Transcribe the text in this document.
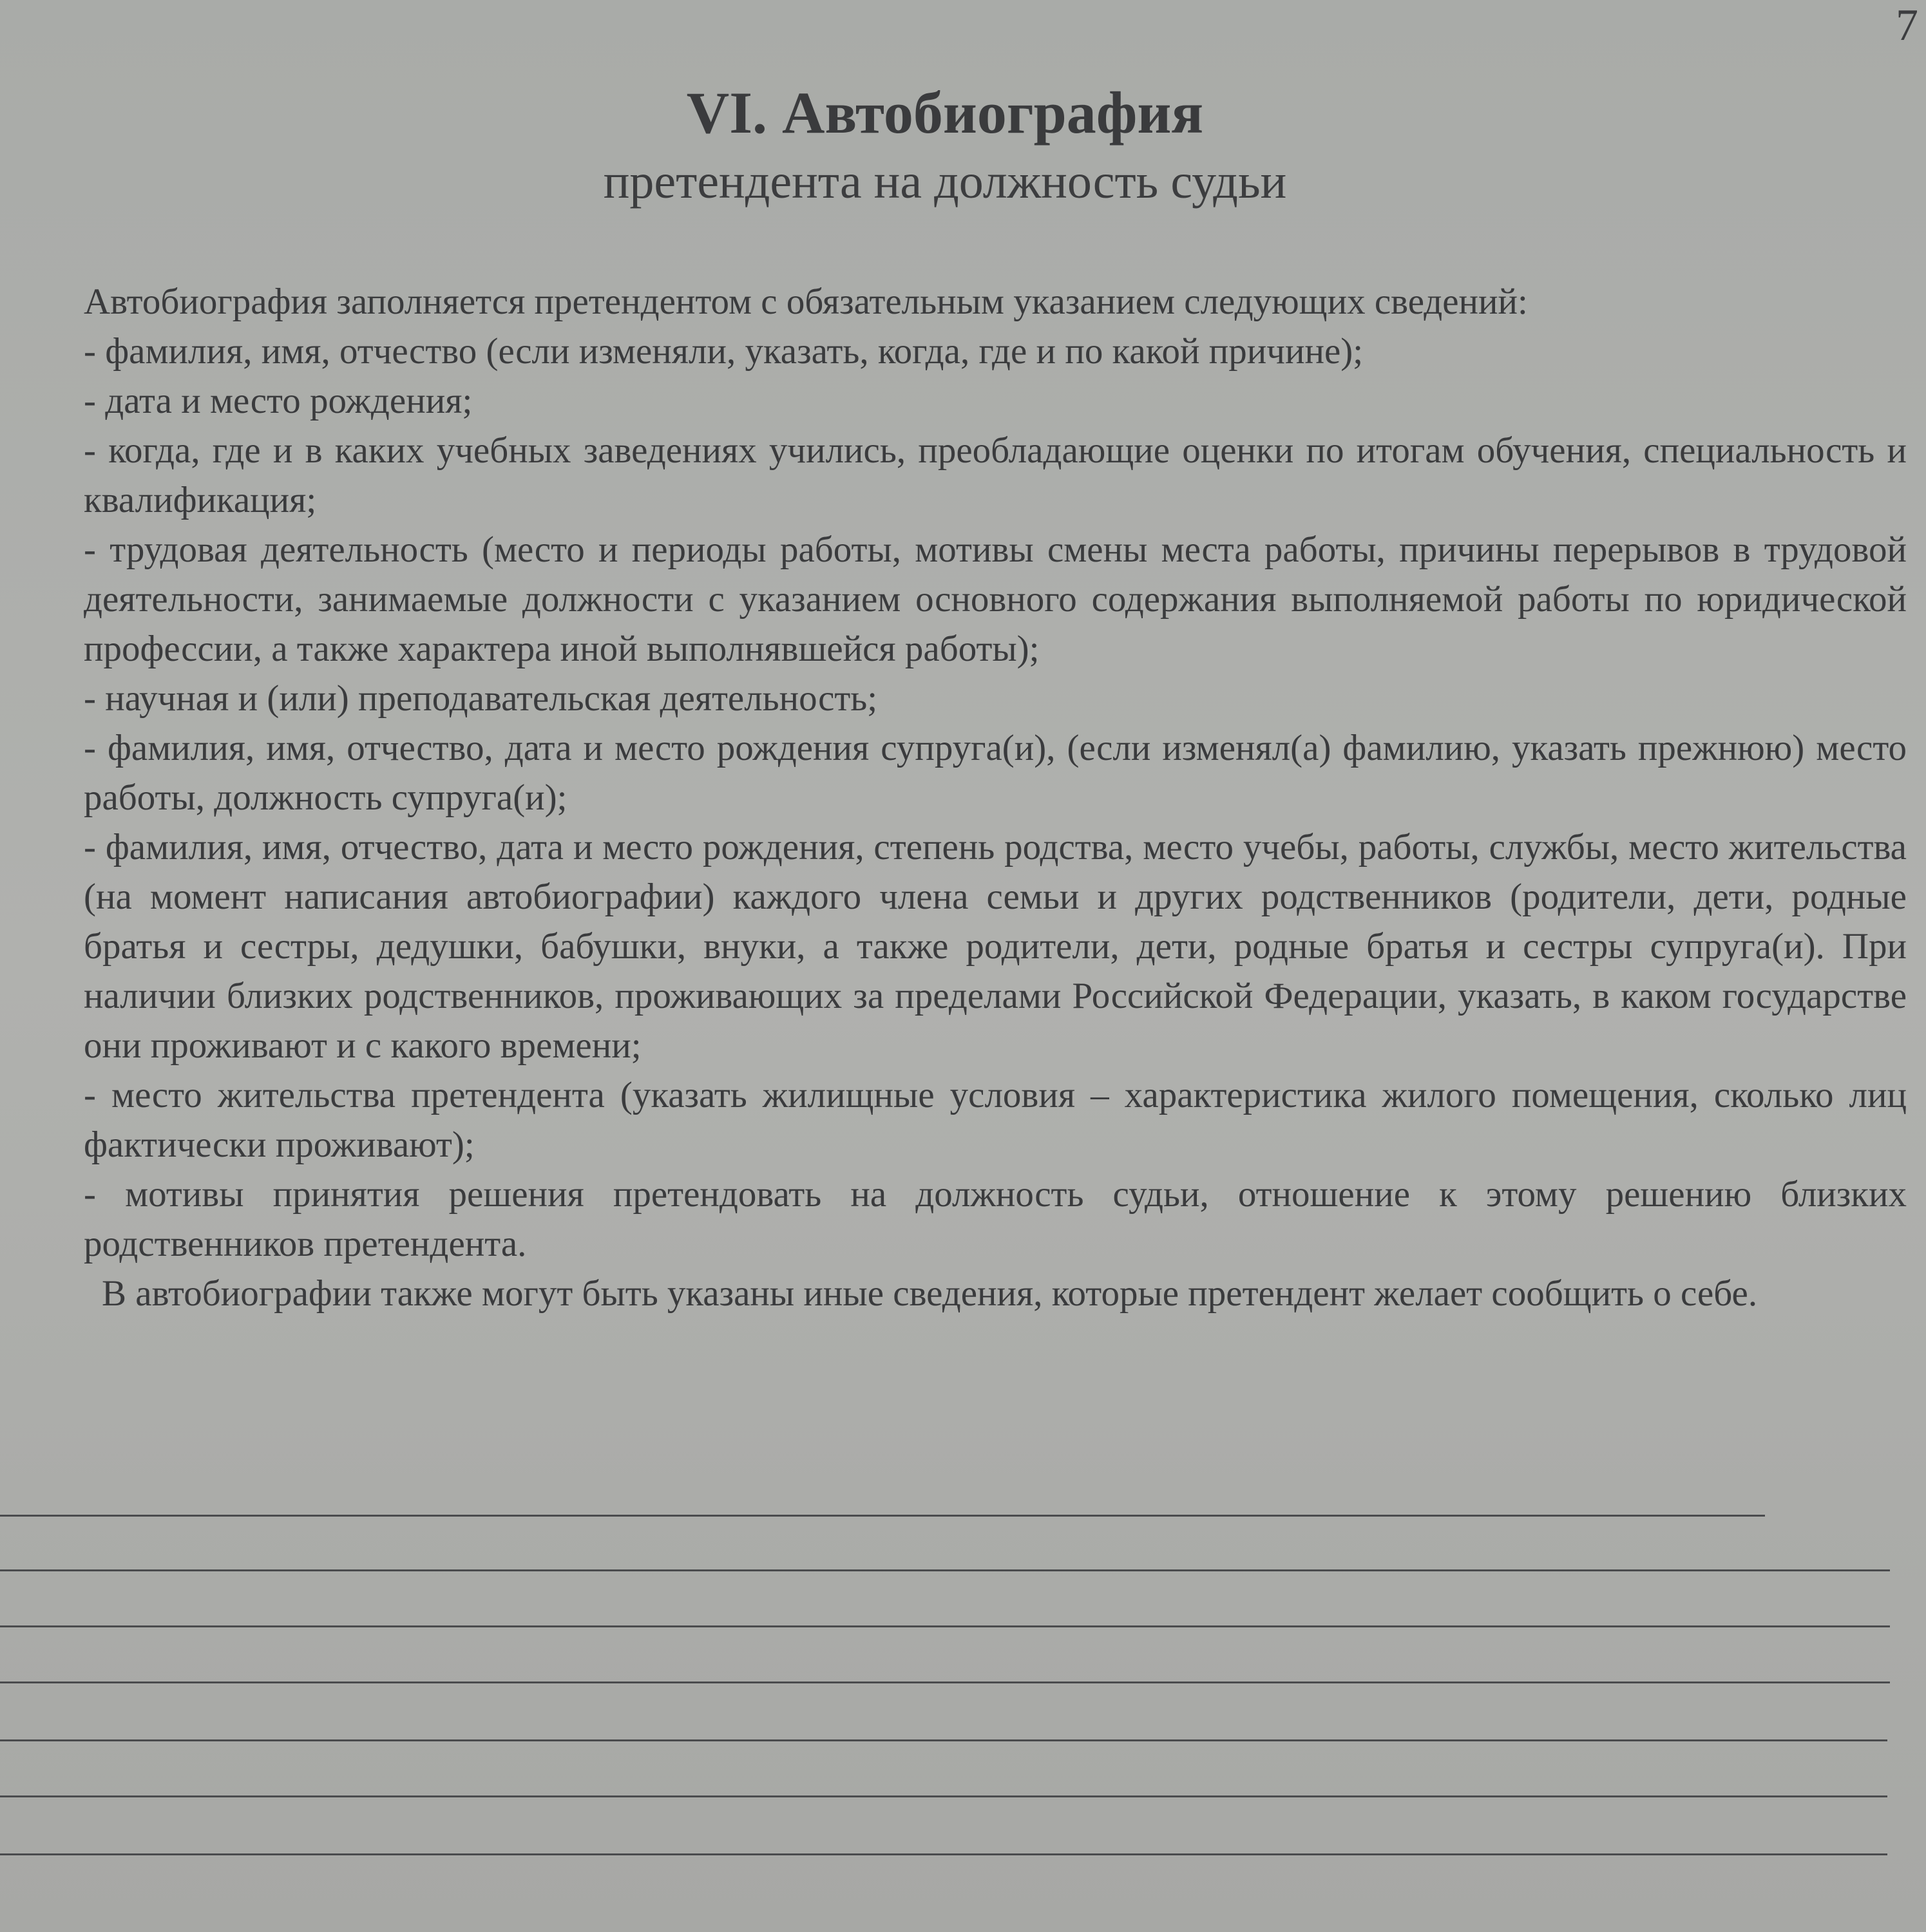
7
VI. Автобиография
претендента на должность судьи

Автобиография заполняется претендентом с обязательным указанием следующих сведений:

- фамилия, имя, отчество (если изменяли, указать, когда, где и по какой причине);

- дата и место рождения;

- когда, где и в каких учебных заведениях учились, преобладающие оценки по итогам обучения, специальность и квалификация;

- трудовая деятельность (место и периоды работы, мотивы смены места работы, причины перерывов в трудовой деятельности, занимаемые должности с указанием основного содержания выполняемой работы по юридической профессии, а также характера иной выполнявшейся работы);

- научная и (или) преподавательская деятельность;

- фамилия, имя, отчество, дата и место рождения супруга(и), (если изменял(а) фамилию, указать прежнюю) место работы, должность супруга(и);

- фамилия, имя, отчество, дата и место рождения, степень родства, место учебы, работы, службы, место жительства (на момент написания автобиографии) каждого члена семьи и других родственников (родители, дети, родные братья и сестры, дедушки, бабушки, внуки, а также родители, дети, родные братья и сестры супруга(и). При наличии близких родственников, проживающих за пределами Российской Федерации, указать, в каком государстве они проживают и с какого времени;

- место жительства претендента (указать жилищные условия – характеристика жилого помещения, сколько лиц фактически проживают);

- мотивы принятия решения претендовать на должность судьи, отношение к этому решению близких родственников претендента.

В автобиографии также могут быть указаны иные сведения, которые претендент желает сообщить о себе.
